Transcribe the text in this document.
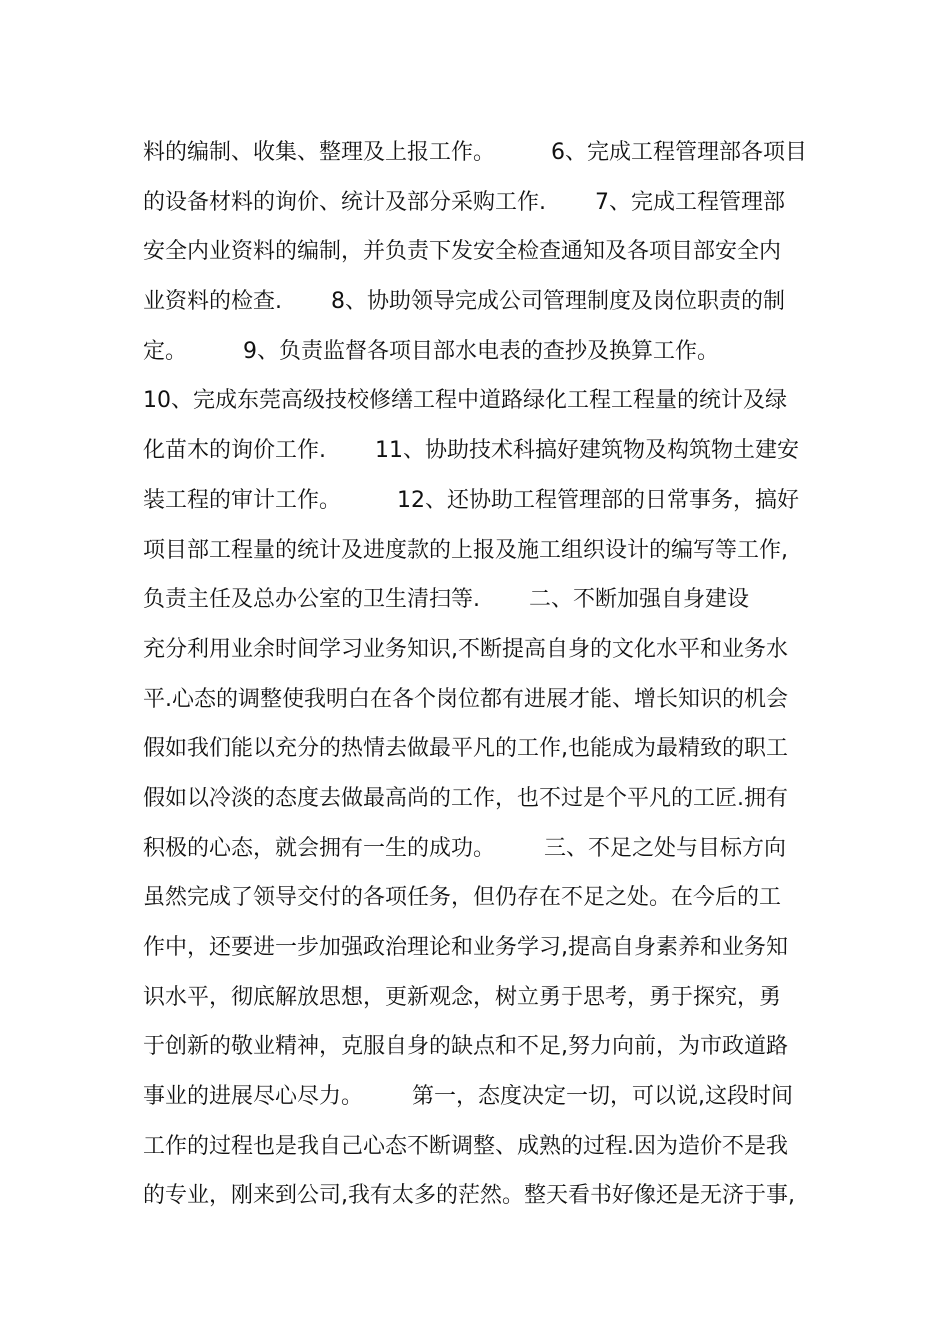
料的编制、收集、整理及上报工作。        6、完成工程管理部各项目
的设备材料的询价、统计及部分采购工作.       7、完成工程管理部
安全内业资料的编制，并负责下发安全检查通知及各项目部安全内
业资料的检查.       8、协助领导完成公司管理制度及岗位职责的制
定。        9、负责监督各项目部水电表的查抄及换算工作。
10、完成东莞高级技校修缮工程中道路绿化工程工程量的统计及绿
化苗木的询价工作.       11、协助技术科搞好建筑物及构筑物土建安
装工程的审计工作。        12、还协助工程管理部的日常事务，搞好
项目部工程量的统计及进度款的上报及施工组织设计的编写等工作,
负责主任及总办公室的卫生清扫等.       二、不断加强自身建设
充分利用业余时间学习业务知识,不断提高自身的文化水平和业务水
平.心态的调整使我明白在各个岗位都有进展才能、增长知识的机会
假如我们能以充分的热情去做最平凡的工作,也能成为最精致的职工
假如以冷淡的态度去做最高尚的工作，也不过是个平凡的工匠.拥有
积极的心态，就会拥有一生的成功。       三、不足之处与目标方向
虽然完成了领导交付的各项任务，但仍存在不足之处。在今后的工
作中，还要进一步加强政治理论和业务学习,提高自身素养和业务知
识水平，彻底解放思想，更新观念，树立勇于思考，勇于探究，勇
于创新的敬业精神，克服自身的缺点和不足,努力向前，为市政道路
事业的进展尽心尽力。       第一，态度决定一切，可以说,这段时间
工作的过程也是我自己心态不断调整、成熟的过程.因为造价不是我
的专业，刚来到公司,我有太多的茫然。整天看书好像还是无济于事,
